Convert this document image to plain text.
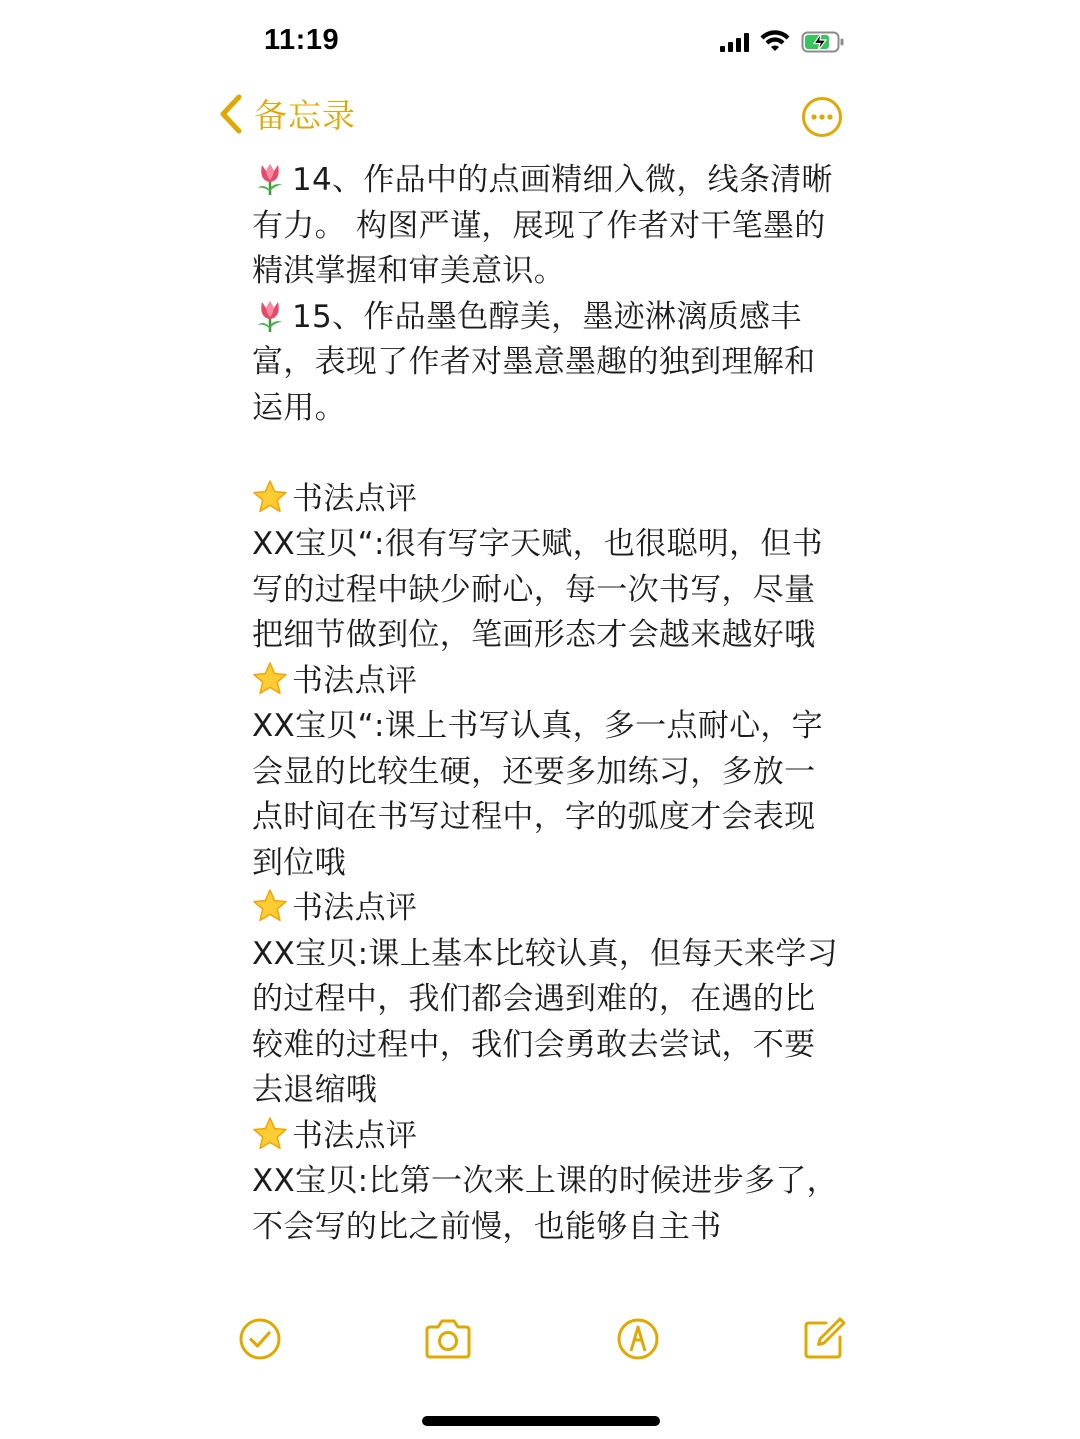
11:19
备忘录

14、作品中的点画精细入微，线条清晰有力。 构图严谨，展现了作者对干笔墨的精淇掌握和审美意识。

15、作品墨色醇美，墨迹淋漓质感丰富，表现了作者对墨意墨趣的独到理解和运用。

书法点评

XX宝贝“:很有写字天赋，也很聪明，但书写的过程中缺少耐心，每一次书写，尽量把细节做到位，笔画形态才会越来越好哦

书法点评

XX宝贝“:课上书写认真，多一点耐心，字会显的比较生硬，还要多加练习，多放一点时间在书写过程中，字的弧度才会表现到位哦

书法点评

XX宝贝:课上基本比较认真，但每天来学习的过程中，我们都会遇到难的，在遇的比较难的过程中，我们会勇敢去尝试，不要去退缩哦

书法点评

XX宝贝:比第一次来上课的时候进步多了，不会写的比之前慢，也能够自主书
